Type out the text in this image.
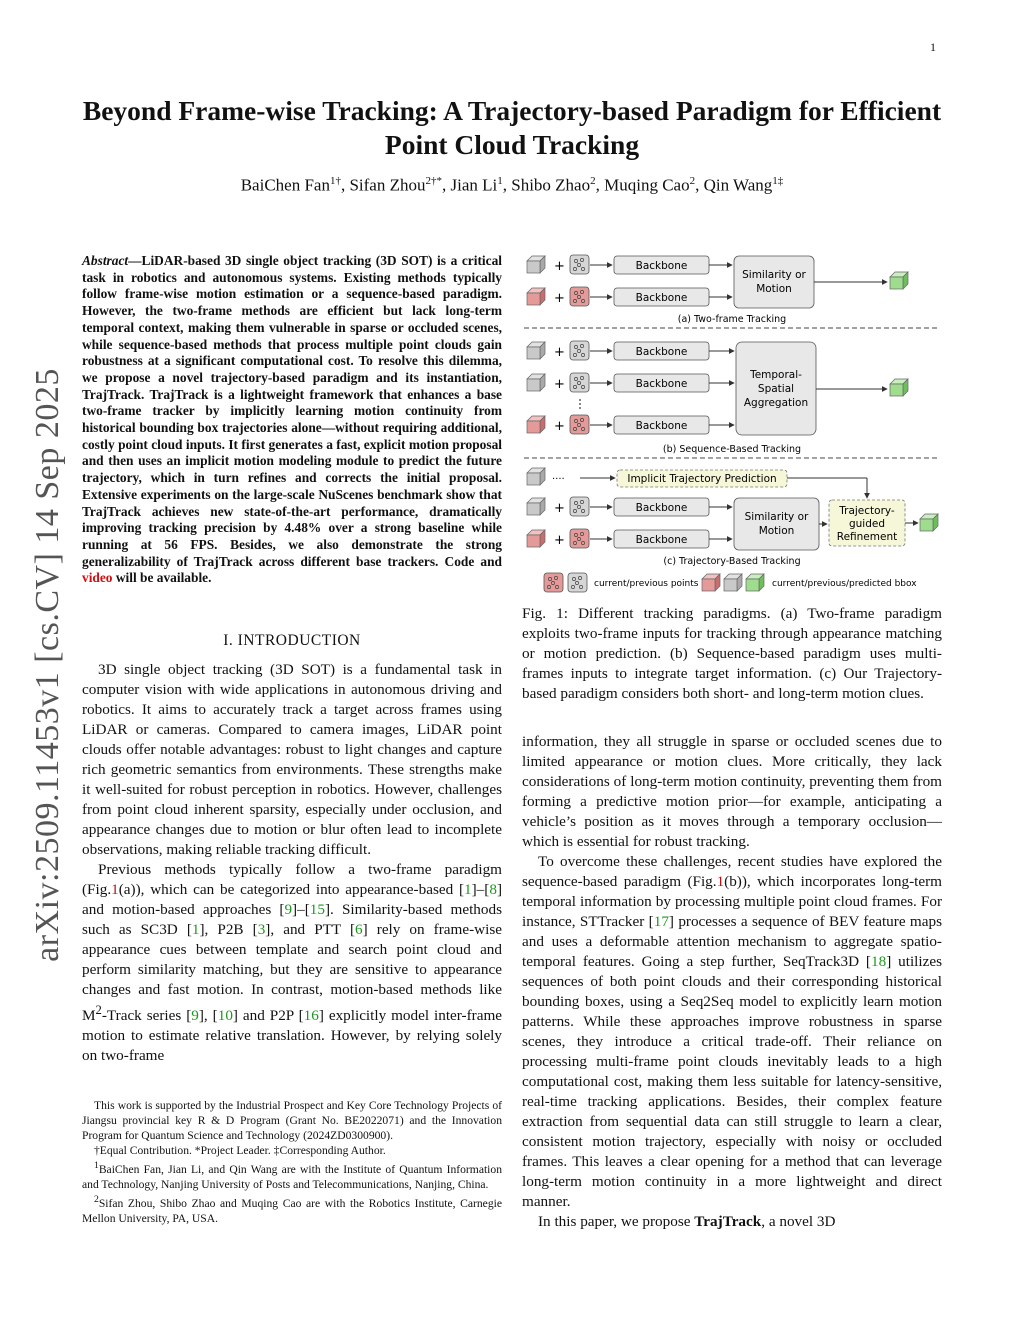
1
arXiv:2509.11453v1 [cs.CV] 14 Sep 2025
Beyond Frame-wise Tracking: A Trajectory-based Paradigm for Efficient Point Cloud Tracking
BaiChen Fan$^{1\dagger}$, Sifan Zhou$^{2\dagger*}$, Jian Li$^1$, Shibo Zhao$^2$, Muqing Cao$^2$, Qin Wang$^{1\ddagger}$
Abstract—LiDAR-based 3D single object tracking (3D SOT) is a critical task in robotics and autonomous systems. Existing methods typically follow frame-wise motion estimation or a sequence-based paradigm. However, the two-frame methods are efficient but lack long-term temporal context, making them vulnerable in sparse or occluded scenes, while sequence-based methods that process multiple point clouds gain robustness at a significant computational cost. To resolve this dilemma, we propose a novel trajectory-based paradigm and its instantiation, TrajTrack. TrajTrack is a lightweight framework that enhances a base two-frame tracker by implicitly learning motion continuity from historical bounding box trajectories alone—without requiring additional, costly point cloud inputs. It first generates a fast, explicit motion proposal and then uses an implicit motion modeling module to predict the future trajectory, which in turn refines and corrects the initial proposal. Extensive experiments on the large-scale NuScenes benchmark show that TrajTrack achieves new state-of-the-art performance, dramatically improving tracking precision by 4.48% over a strong baseline while running at 56 FPS. Besides, we also demonstrate the strong generalizability of TrajTrack across different base trackers. Code and video will be available.
I. INTRODUCTION

3D single object tracking (3D SOT) is a fundamental task in computer vision with wide applications in autonomous driving and robotics. It aims to accurately track a target across frames using LiDAR or cameras. Compared to camera images, LiDAR point clouds offer notable advantages: robust to light changes and capture rich geometric semantics from environments. These strengths make it well-suited for robust perception in robotics. However, challenges from point cloud inherent sparsity, especially under occlusion, and appearance changes due to motion or blur often lead to incomplete observations, making reliable tracking difficult.

Previous methods typically follow a two-frame paradigm (Fig.1(a)), which can be categorized into appearance-based [1]–[8] and motion-based approaches [9]–[15]. Similarity-based methods such as SC3D [1], P2B [3], and PTT [6] rely on frame-wise appearance cues between template and search point cloud and perform similarity matching, but they are sensitive to appearance changes and fast motion. In contrast, motion-based methods like $M^2$-Track series [9], [10] and P2P [16] explicitly model inter-frame motion to estimate relative translation. However, by relying solely on two-frame

This work is supported by the Industrial Prospect and Key Core Technology Projects of Jiangsu provincial key R & D Program (Grant No. BE2022071) and the Innovation Program for Quantum Science and Technology (2024ZD0300900).

†Equal Contribution. *Project Leader. ‡Corresponding Author.

$^1$BaiChen Fan, Jian Li, and Qin Wang are with the Institute of Quantum Information and Technology, Nanjing University of Posts and Telecommunications, Nanjing, China.

$^2$Sifan Zhou, Shibo Zhao and Muqing Cao are with the Robotics Institute, Carnegie Mellon University, PA, USA.

+	Backbone
+	Backbone
Similarity or
Motion
(a) Two-frame Tracking
+	Backbone
+	Backbone
+	Backbone
Temporal-
Spatial
Aggregation
(b) Sequence-Based Tracking
····	Implicit Trajectory Prediction
+	Backbone
+	Backbone
Similarity or
Motion
Trajectory-
guided
Refinement
(c) Trajectory-Based Tracking
current/previous points	current/previous/predicted bbox
Fig. 1: Different tracking paradigms. (a) Two-frame paradigm exploits two-frame inputs for tracking through appearance matching or motion prediction. (b) Sequence-based paradigm uses multi-frames inputs to integrate target information. (c) Our Trajectory-based paradigm considers both short- and long-term motion clues.

information, they all struggle in sparse or occluded scenes due to limited appearance or motion clues. More critically, they lack considerations of long-term motion continuity, preventing them from forming a predictive motion prior—for example, anticipating a vehicle’s position as it moves through a temporary occlusion—which is essential for robust tracking.

To overcome these challenges, recent studies have explored the sequence-based paradigm (Fig.1(b)), which incorporates long-term temporal information by processing multiple point cloud frames. For instance, STTracker [17] processes a sequence of BEV feature maps and uses a deformable attention mechanism to aggregate spatio-temporal features. Going a step further, SeqTrack3D [18] utilizes sequences of both point clouds and their corresponding historical bounding boxes, using a Seq2Seq model to explicitly learn motion patterns. While these approaches improve robustness in sparse scenes, they introduce a critical trade-off. Their reliance on processing multi-frame point clouds inevitably leads to a high computational cost, making them less suitable for latency-sensitive, real-time tracking applications. Besides, their complex feature extraction from sequential data can still struggle to learn a clear, consistent motion trajectory, especially with noisy or occluded frames. This leaves a clear opening for a method that can leverage long-term motion continuity in a more lightweight and direct manner.

In this paper, we propose TrajTrack, a novel 3D
